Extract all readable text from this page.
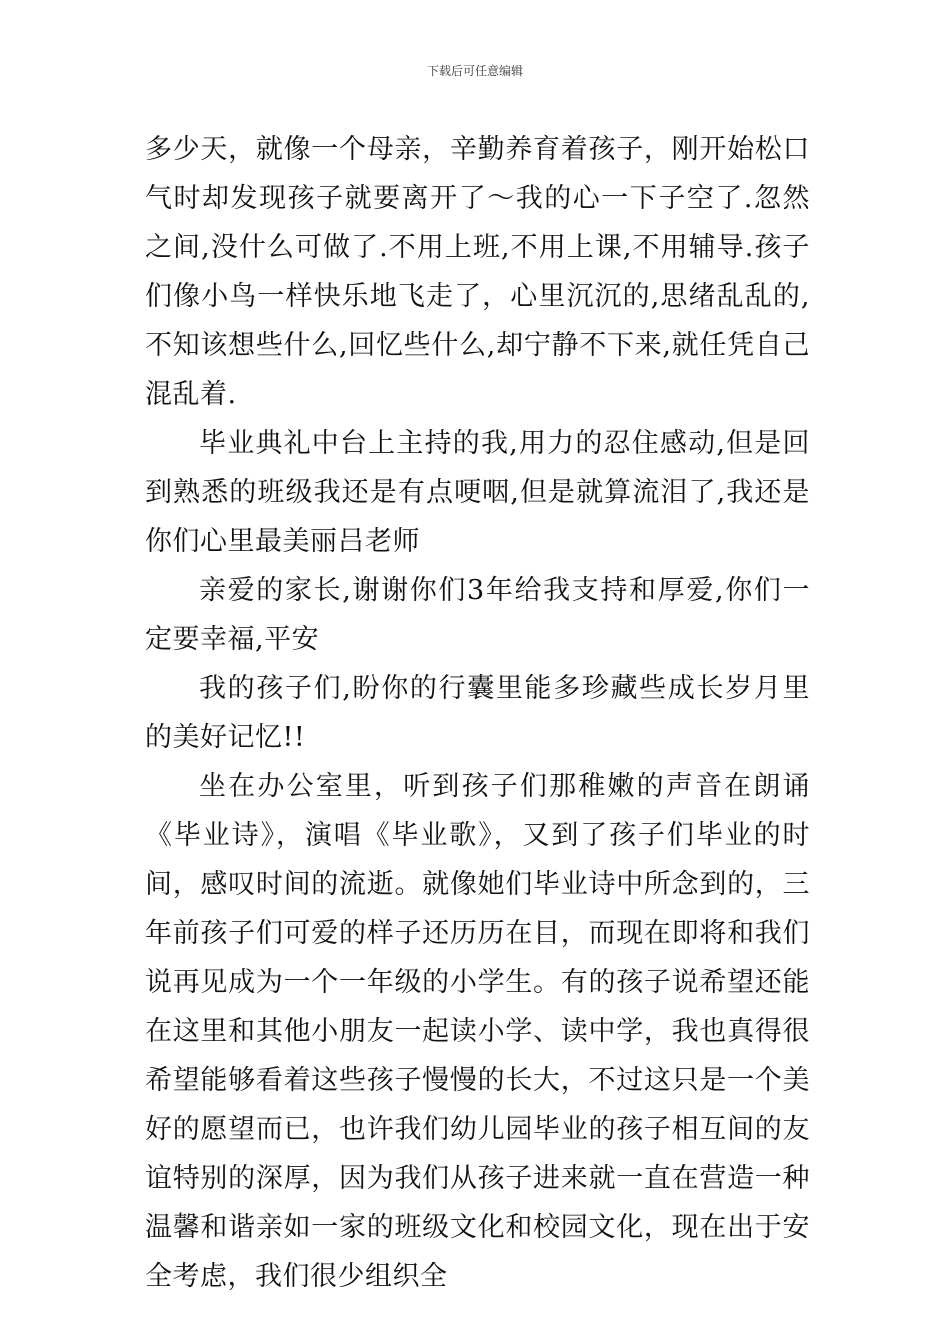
下载后可任意编辑

多少天，就像一个母亲，辛勤养育着孩子，刚开始松口气时却发现孩子就要离开了～我的心一下子空了.忽然之间,没什么可做了.不用上班,不用上课,不用辅导.孩子们像小鸟一样快乐地飞走了，心里沉沉的,思绪乱乱的,不知该想些什么,回忆些什么,却宁静不下来,就任凭自己混乱着.

毕业典礼中台上主持的我,用力的忍住感动,但是回到熟悉的班级我还是有点哽咽,但是就算流泪了,我还是你们心里最美丽吕老师

亲爱的家长,谢谢你们3年给我支持和厚爱,你们一定要幸福,平安

我的孩子们,盼你的行囊里能多珍藏些成长岁月里的美好记忆!!

坐在办公室里，听到孩子们那稚嫩的声音在朗诵《毕业诗》，演唱《毕业歌》，又到了孩子们毕业的时间，感叹时间的流逝。就像她们毕业诗中所念到的，三年前孩子们可爱的样子还历历在目，而现在即将和我们说再见成为一个一年级的小学生。有的孩子说希望还能在这里和其他小朋友一起读小学、读中学，我也真得很希望能够看着这些孩子慢慢的长大，不过这只是一个美好的愿望而已，也许我们幼儿园毕业的孩子相互间的友谊特别的深厚，因为我们从孩子进来就一直在营造一种温馨和谐亲如一家的班级文化和校园文化，现在出于安全考虑，我们很少组织全
